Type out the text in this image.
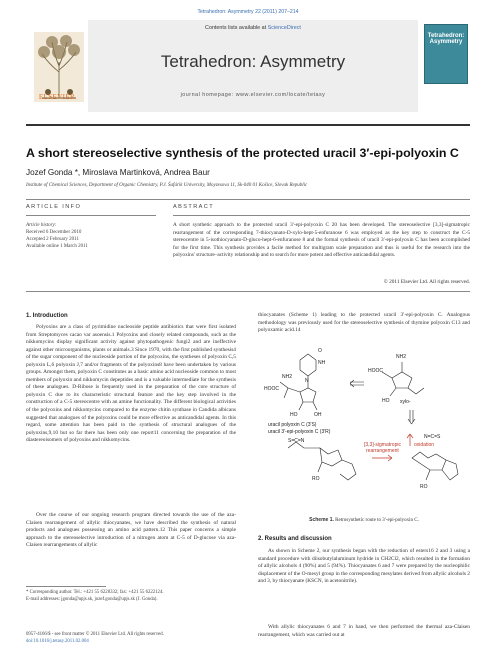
Tetrahedron: Asymmetry 22 (2011) 207–214
Contents lists available at ScienceDirect
Tetrahedron: Asymmetry
journal homepage: www.elsevier.com/locate/tetasy
ELSEVIER
Tetrahedron: Asymmetry
A short stereoselective synthesis of the protected uracil 3′-epi-polyoxin C
Jozef Gonda *, Miroslava Martinková, Andrea Baur
Institute of Chemical Sciences, Department of Organic Chemistry, P.J. Šafárik University, Moyzesova 11, Sk-040 01 Košice, Slovak Republic
ARTICLE INFO	ABSTRACT
Article history:
Received 6 December 2010
Accepted 2 February 2011
Available online 1 March 2011
A short synthetic approach to the protected uracil 3′-epi-polyoxin C 20 has been developed. The stereoselective [3,3]-sigmatropic rearrangement of the corresponding 7-thiocyanato-D-xylo-hept-5-enfuranose 6 was employed as the key step to construct the C-5 stereocentre in 5-isothiocyanato-D-gluco-hept-6-enfuranose 8 and the formal synthesis of uracil 3′-epi-polyoxin C has been accomplished for the first time. This synthesis provides a facile method for multigram scale preparation and thus is useful for the research into the polyoxins' structure–activity relationship and to search for more potent and effective anticandidal agents.
© 2011 Elsevier Ltd. All rights reserved.
1. Introduction
Polyoxins are a class of pyrimidine nucleoside peptide antibiotics that were first isolated from Streptomyces cacao var asoensis.1 Polyoxins and closely related compounds, such as the nikkomycins display significant activity against phytopathogenic fungi2 and are ineffective against other microorganisms, plants or animals.3 Since 1970, with the first published synthesis4 of the sugar component of the nucleoside portion of the polyoxins, the syntheses of polyoxin C,5 polyoxin L,6 polyoxin J,7 and/or fragments of the polyoxins8 have been undertaken by various groups. Amongst them, polyoxin C constitutes as a basic amino acid nucleoside common to most members of polyoxin and nikkomycin depeptides and is a valuable intermediate for the synthesis of these analogues. D-Ribose is frequently used in the preparation of the core structure of polyoxin C due to its characteristic structural feature and the key step involved in the construction of a C-5 stereocentre with an amine functionality. The different biological activities of the polyoxins and nikkomycins compared to the enzyme chitin synthase in Candida albicans suggested that analogues of the polyoxins could be more effective as anticandidal agents. In this regard, some attention has been paid to the synthesis of structural analogues of the polyoxins,9,10 but so far there has been only one report11 concerning the preparation of the diastereoisomers of polyoxins and nikkomycins.
Over the course of our ongoing research program directed towards the use of the aza-Claisen rearrangement of allylic thiocyanates, we have described the synthesis of natural products and analogues possessing an amino acid pattern.12 This paper concerns a simple approach to the stereoselective introduction of a nitrogen atom at C-5 of D-glucose via aza-Claisen rearrangements of allylic
thiocyanates (Scheme 1) leading to the protected uracil 3′-epi-polyoxin C. Analogous methodology was previously used for the stereoselective synthesis of thymine polyoxin C13 and polyoxamic acid.14
NH2
HOOC
O
NH
N
HO	OH
uracil polyoxin C (3′S)
uracil 3′-epi-polyoxin C (3′R)
NH2
HOOC
HO xylo-
S=C=N
RO
[3,3]-sigmatropic
rearrangement
oxidation
N=C=S
RO
Scheme 1. Retrosynthetic route to 3′-epi-polyoxin C.
2. Results and discussion
As shown in Scheme 2, our synthesis began with the reduction of esters16 2 and 3 using a standard procedure with diisobutylaluminum hydride in CH2Cl2, which resulted in the formation of allylic alcohols 4 (90%) and 5 (94%). Thiocyanates 6 and 7 were prepared by the nucleophilic displacement of the O-mesyl group in the corresponding mesylates derived from allylic alcohols 2 and 3, by thiocyanate (KSCN, in acetonitrile).
With allylic thiocyanates 6 and 7 in hand, we then performed the thermal aza-Claisen rearrangement, which was carried out at
* Corresponding author. Tel.: +421 55 6228332; fax: +421 55 6222124.
E-mail addresses: jgonda@upjs.sk, jozef.gonda@upjs.sk (J. Gonda).
0957-4166/$ - see front matter © 2011 Elsevier Ltd. All rights reserved.
doi:10.1016/j.tetasy.2011.02.004
